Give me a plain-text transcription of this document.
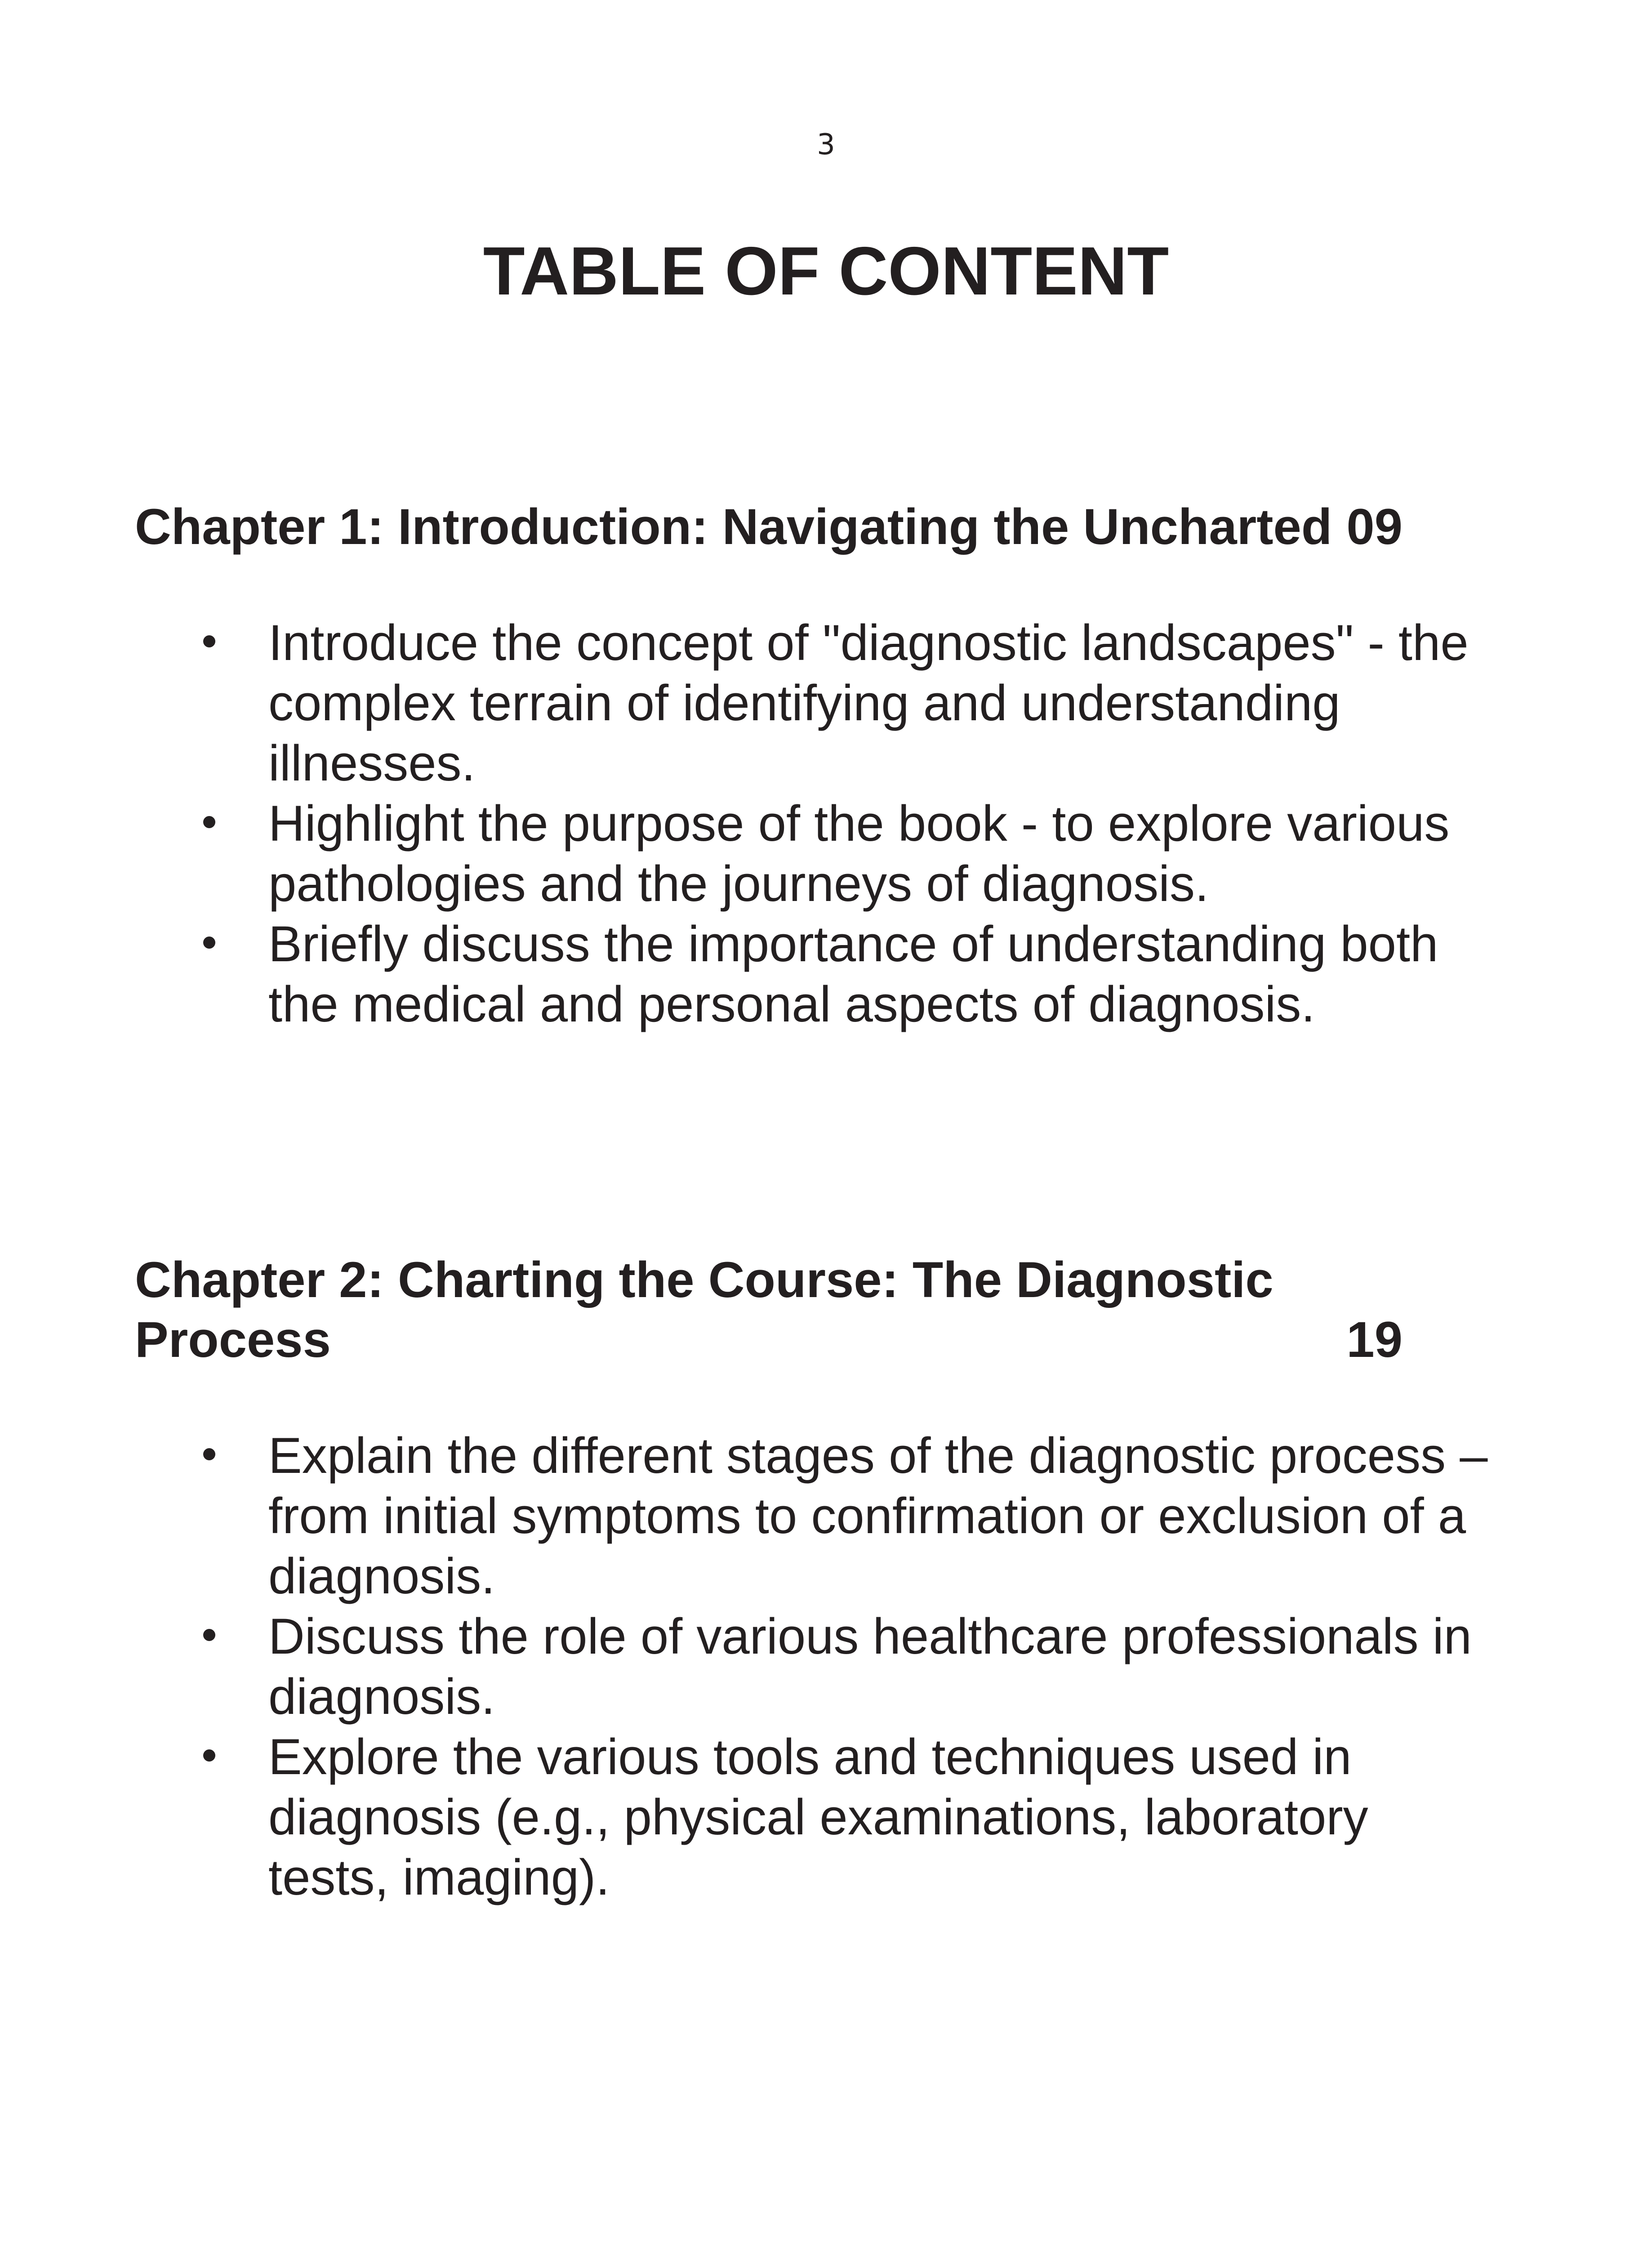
3
TABLE OF CONTENT
Chapter 1: Introduction: Navigating the Uncharted 09
Introduce the concept of "diagnostic landscapes" - the complex terrain of identifying and understanding illnesses.
Highlight the purpose of the book - to explore various pathologies and the journeys of diagnosis.
Briefly discuss the importance of understanding both the medical and personal aspects of diagnosis.
Chapter 2: Charting the Course: The Diagnostic Process	19
Explain the different stages of the diagnostic process – from initial symptoms to confirmation or exclusion of a diagnosis.
Discuss the role of various healthcare professionals in diagnosis.
Explore the various tools and techniques used in diagnosis (e.g., physical examinations, laboratory tests, imaging).
